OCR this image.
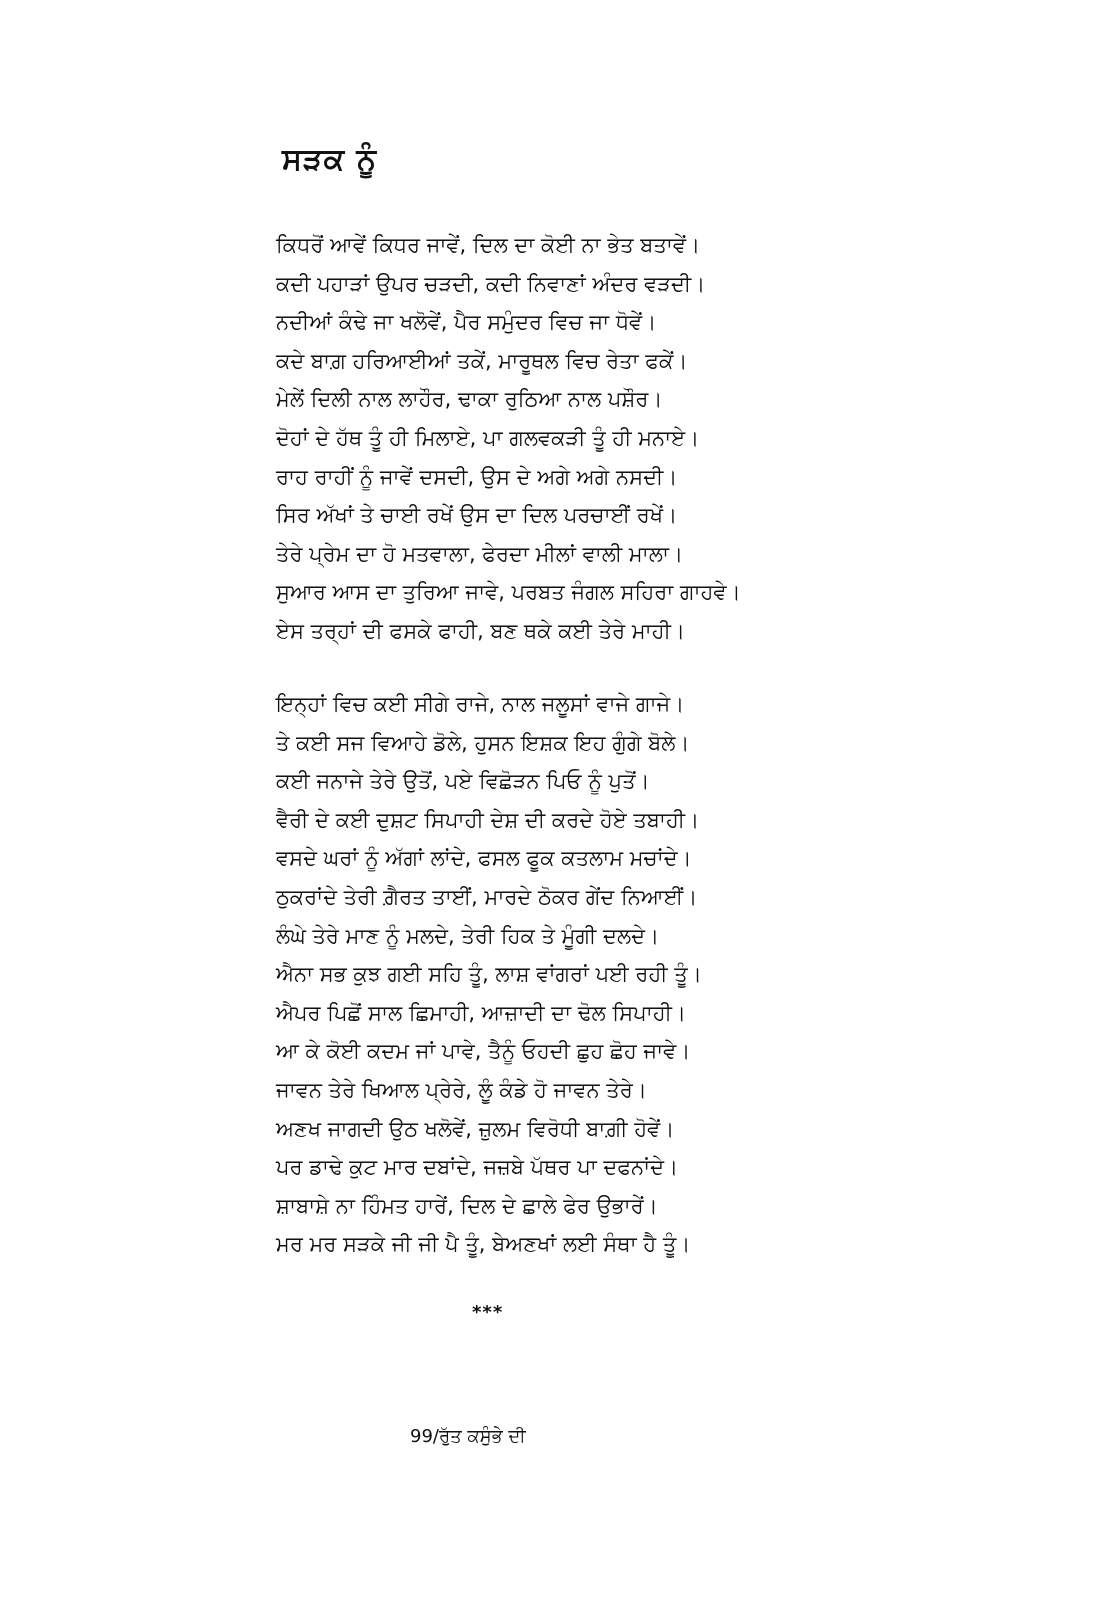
ਸੜਕ ਨੂੰ
ਕਿਧਰੋਂ ਆਵੇਂ ਕਿਧਰ ਜਾਵੇਂ, ਦਿਲ ਦਾ ਕੋਈ ਨਾ ਭੇਤ ਬਤਾਵੇਂ।
ਕਦੀ ਪਹਾੜਾਂ ਉਪਰ ਚੜਦੀ, ਕਦੀ ਨਿਵਾਣਾਂ ਅੰਦਰ ਵੜਦੀ।
ਨਦੀਆਂ ਕੰਢੇ ਜਾ ਖਲੋਵੇਂ, ਪੈਰ ਸਮੁੰਦਰ ਵਿਚ ਜਾ ਧੋਵੇਂ।
ਕਦੇ ਬਾਗ਼ ਹਰਿਆਈਆਂ ਤਕੇਂ, ਮਾਰੂਥਲ ਵਿਚ ਰੇਤਾ ਫਕੇਂ।
ਮੇਲੇਂ ਦਿਲੀ ਨਾਲ ਲਾਹੌਰ, ਢਾਕਾ ਰੁਠਿਆ ਨਾਲ ਪਸ਼ੌਰ।
ਦੋਹਾਂ ਦੇ ਹੱਥ ਤੂੰ ਹੀ ਮਿਲਾਏ, ਪਾ ਗਲਵਕੜੀ ਤੂੰ ਹੀ ਮਨਾਏ।
ਰਾਹ ਰਾਹੀਂ ਨੂੰ ਜਾਵੇਂ ਦਸਦੀ, ਉਸ ਦੇ ਅਗੇ ਅਗੇ ਨਸਦੀ।
ਸਿਰ ਅੱਖਾਂ ਤੇ ਚਾਈ ਰਖੇਂ ਉਸ ਦਾ ਦਿਲ ਪਰਚਾਈਂ ਰਖੇਂ।
ਤੇਰੇ ਪ੍ਰੇਮ ਦਾ ਹੋ ਮਤਵਾਲਾ, ਫੇਰਦਾ ਮੀਲਾਂ ਵਾਲੀ ਮਾਲਾ।
ਸੁਆਰ ਆਸ ਦਾ ਤੁਰਿਆ ਜਾਵੇ, ਪਰਬਤ ਜੰਗਲ ਸਹਿਰਾ ਗਾਹਵੇ।
ਏਸ ਤਰ੍ਹਾਂ ਦੀ ਫਸਕੇ ਫਾਹੀ, ਬਣ ਥਕੇ ਕਈ ਤੇਰੇ ਮਾਹੀ।
ਇਨ੍ਹਾਂ ਵਿਚ ਕਈ ਸੀਗੇ ਰਾਜੇ, ਨਾਲ ਜਲੂਸਾਂ ਵਾਜੇ ਗਾਜੇ।
ਤੇ ਕਈ ਸਜ ਵਿਆਹੇ ਡੋਲੇ, ਹੁਸਨ ਇਸ਼ਕ ਇਹ ਗੁੰਗੇ ਬੋਲੇ।
ਕਈ ਜਨਾਜੇ ਤੇਰੇ ਉਤੋਂ, ਪਏ ਵਿਛੋੜਨ ਪਿਓ ਨੂੰ ਪੁਤੋਂ।
ਵੈਰੀ ਦੇ ਕਈ ਦੁਸ਼ਟ ਸਿਪਾਹੀ ਦੇਸ਼ ਦੀ ਕਰਦੇ ਹੋਏ ਤਬਾਹੀ।
ਵਸਦੇ ਘਰਾਂ ਨੂੰ ਅੱਗਾਂ ਲਾਂਦੇ, ਫਸਲ ਫੂਕ ਕਤਲਾਮ ਮਚਾਂਦੇ।
ਠੁਕਰਾਂਦੇ ਤੇਰੀ ਗ਼ੈਰਤ ਤਾਈਂ, ਮਾਰਦੇ ਠੋਕਰ ਗੇਂਦ ਨਿਆਈਂ।
ਲੰਘੇ ਤੇਰੇ ਮਾਣ ਨੂੰ ਮਲਦੇ, ਤੇਰੀ ਹਿਕ ਤੇ ਮੂੰਗੀ ਦਲਦੇ।
ਐਨਾ ਸਭ ਕੁਝ ਗਈ ਸਹਿ ਤੂੰ, ਲਾਸ਼ ਵਾਂਗਰਾਂ ਪਈ ਰਹੀ ਤੂੰ।
ਐਪਰ ਪਿਛੋਂ ਸਾਲ ਛਿਮਾਹੀ, ਆਜ਼ਾਦੀ ਦਾ ਢੋਲ ਸਿਪਾਹੀ।
ਆ ਕੇ ਕੋਈ ਕਦਮ ਜਾਂ ਪਾਵੇ, ਤੈਨੂੰ ਓਹਦੀ ਛੁਹ ਛੋਹ ਜਾਵੇ।
ਜਾਵਨ ਤੇਰੇ ਖਿਆਲ ਪ੍ਰੇਰੇ, ਲੂੰ ਕੰਡੇ ਹੋ ਜਾਵਨ ਤੇਰੇ।
ਅਣਖ ਜਾਗਦੀ ਉਠ ਖਲੋਵੇਂ, ਜ਼ੁਲਮ ਵਿਰੋਧੀ ਬਾਗ਼ੀ ਹੋਵੇਂ।
ਪਰ ਡਾਢੇ ਕੁਟ ਮਾਰ ਦਬਾਂਦੇ, ਜਜ਼ਬੇ ਪੱਥਰ ਪਾ ਦਫਨਾਂਦੇ।
ਸ਼ਾਬਾਸ਼ੇ ਨਾ ਹਿੰਮਤ ਹਾਰੇਂ, ਦਿਲ ਦੇ ਛਾਲੇ ਫੇਰ ਉਭਾਰੇਂ।
ਮਰ ਮਰ ਸੜਕੇ ਜੀ ਜੀ ਪੈ ਤੂੰ, ਬੇਅਣਖਾਂ ਲਈ ਸੰਥਾ ਹੈ ਤੂੰ।
***
99/ਰੁੱਤ ਕਸੁੰਭੇ ਦੀ
